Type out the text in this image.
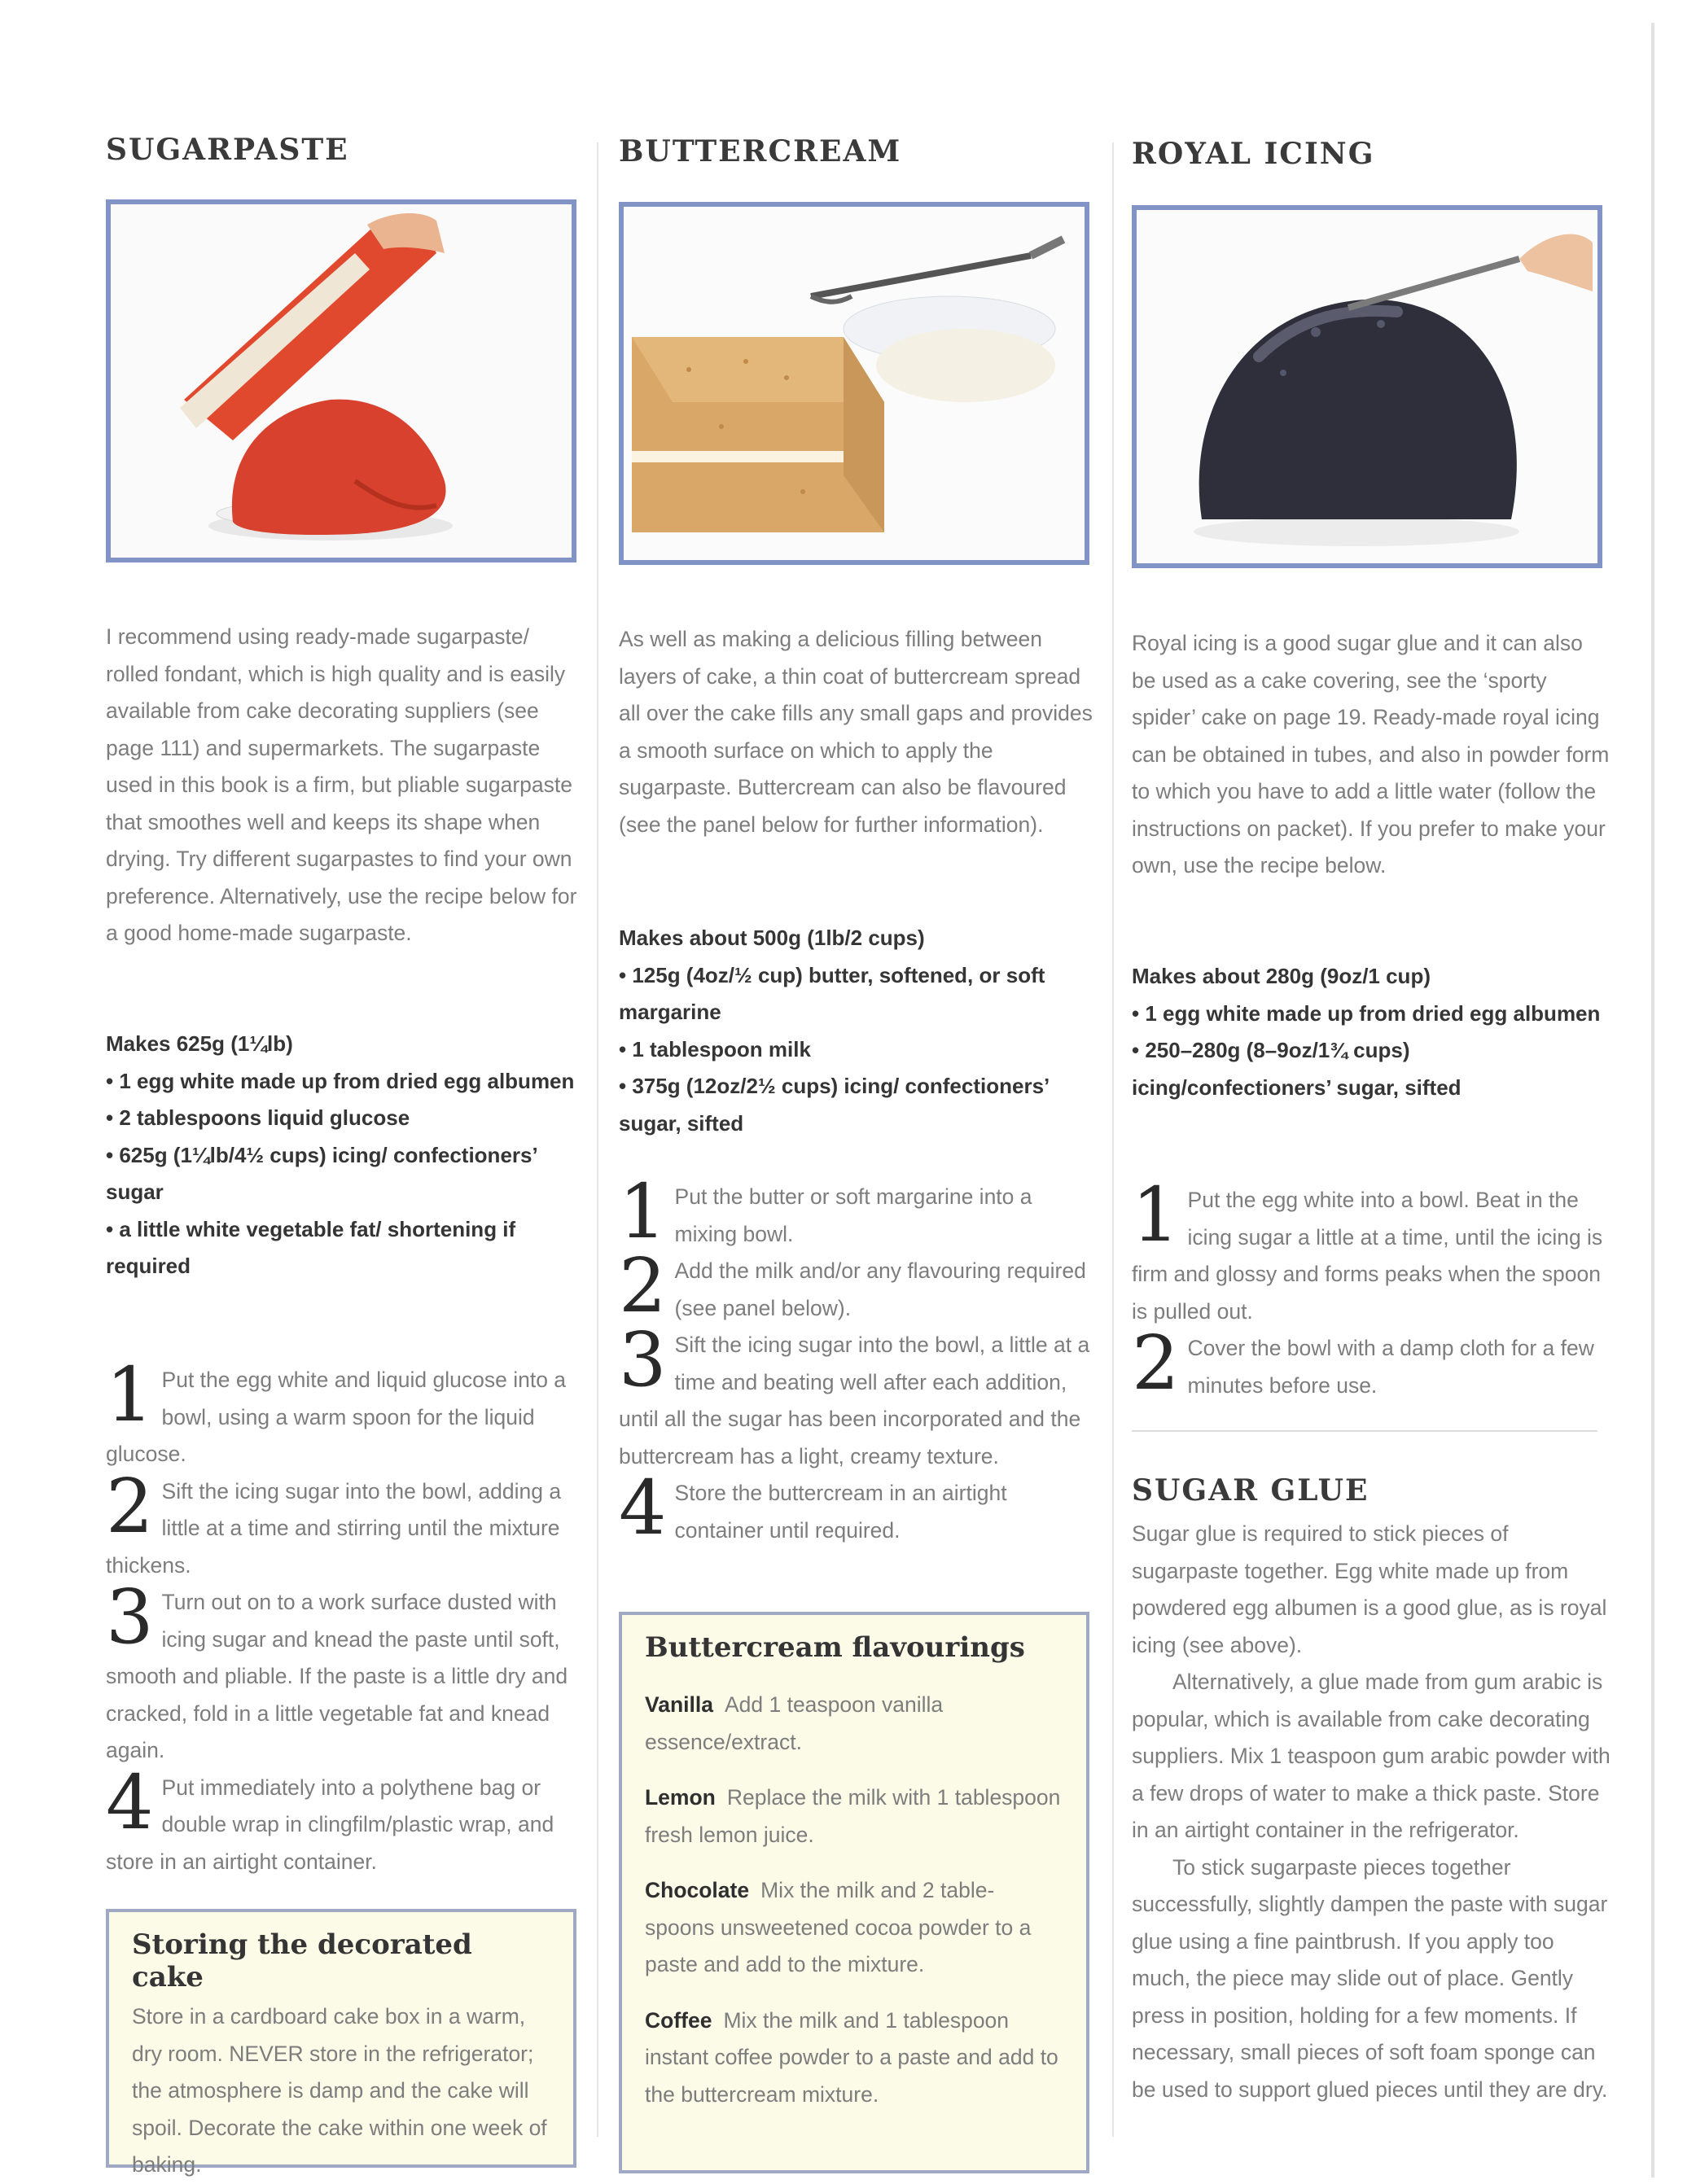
SUGARPASTE

I recommend using ready-made sugarpaste/ rolled fondant, which is high quality and is easily available from cake decorating suppliers (see page 111) and supermarkets. The sugarpaste used in this book is a firm, but pliable sugarpaste that smoothes well and keeps its shape when drying. Try different sugarpastes to find your own preference. Alternatively, use the recipe below for a good home-made sugarpaste.

Makes 625g (1¼lb)
• 1 egg white made up from dried egg albumen
• 2 tablespoons liquid glucose
• 625g (1¼lb/4½ cups) icing/ confectioners’ sugar
• a little white vegetable fat/ shortening if required
1 Put the egg white and liquid glucose into a bowl, using a warm spoon for the liquid glucose.

2 Sift the icing sugar into the bowl, adding a little at a time and stirring until the mixture thickens.

3 Turn out on to a work surface dusted with icing sugar and knead the paste until soft, smooth and pliable. If the paste is a little dry and cracked, fold in a little vegetable fat and knead again.

4 Put immediately into a polythene bag or double wrap in clingfilm/plastic wrap, and store in an airtight container.

Storing the decorated cake

Store in a cardboard cake box in a warm, dry room. NEVER store in the refrigerator; the atmosphere is damp and the cake will spoil. Decorate the cake within one week of baking.

BUTTERCREAM

As well as making a delicious filling between layers of cake, a thin coat of buttercream spread all over the cake fills any small gaps and provides a smooth surface on which to apply the sugarpaste. Buttercream can also be flavoured (see the panel below for further information).

Makes about 500g (1lb/2 cups)
• 125g (4oz/½ cup) butter, softened, or soft margarine
• 1 tablespoon milk
• 375g (12oz/2½ cups) icing/ confectioners’ sugar, sifted
1 Put the butter or soft margarine into a mixing bowl.

2 Add the milk and/or any flavouring required (see panel below).

3 Sift the icing sugar into the bowl, a little at a time and beating well after each addition, until all the sugar has been incorporated and the buttercream has a light, creamy texture.

4 Store the buttercream in an airtight container until required.

Buttercream flavourings

Vanilla Add 1 teaspoon vanilla essence/extract.

Lemon Replace the milk with 1 tablespoon fresh lemon juice.

Chocolate Mix the milk and 2 table- spoons unsweetened cocoa powder to a paste and add to the mixture.

Coffee Mix the milk and 1 tablespoon instant coffee powder to a paste and add to the buttercream mixture.

ROYAL ICING

Royal icing is a good sugar glue and it can also be used as a cake covering, see the ‘sporty spider’ cake on page 19. Ready-made royal icing can be obtained in tubes, and also in powder form to which you have to add a little water (follow the instructions on packet). If you prefer to make your own, use the recipe below.

Makes about 280g (9oz/1 cup)
• 1 egg white made up from dried egg albumen
• 250–280g (8–9oz/1¾ cups) icing/confectioners’ sugar, sifted
1 Put the egg white into a bowl. Beat in the icing sugar a little at a time, until the icing is firm and glossy and forms peaks when the spoon is pulled out.

2 Cover the bowl with a damp cloth for a few minutes before use.

SUGAR GLUE

Sugar glue is required to stick pieces of sugarpaste together. Egg white made up from powdered egg albumen is a good glue, as is royal icing (see above).

Alternatively, a glue made from gum arabic is popular, which is available from cake decorating suppliers. Mix 1 teaspoon gum arabic powder with a few drops of water to make a thick paste. Store in an airtight container in the refrigerator.

To stick sugarpaste pieces together successfully, slightly dampen the paste with sugar glue using a fine paintbrush. If you apply too much, the piece may slide out of place. Gently press in position, holding for a few moments. If necessary, small pieces of soft foam sponge can be used to support glued pieces until they are dry.
